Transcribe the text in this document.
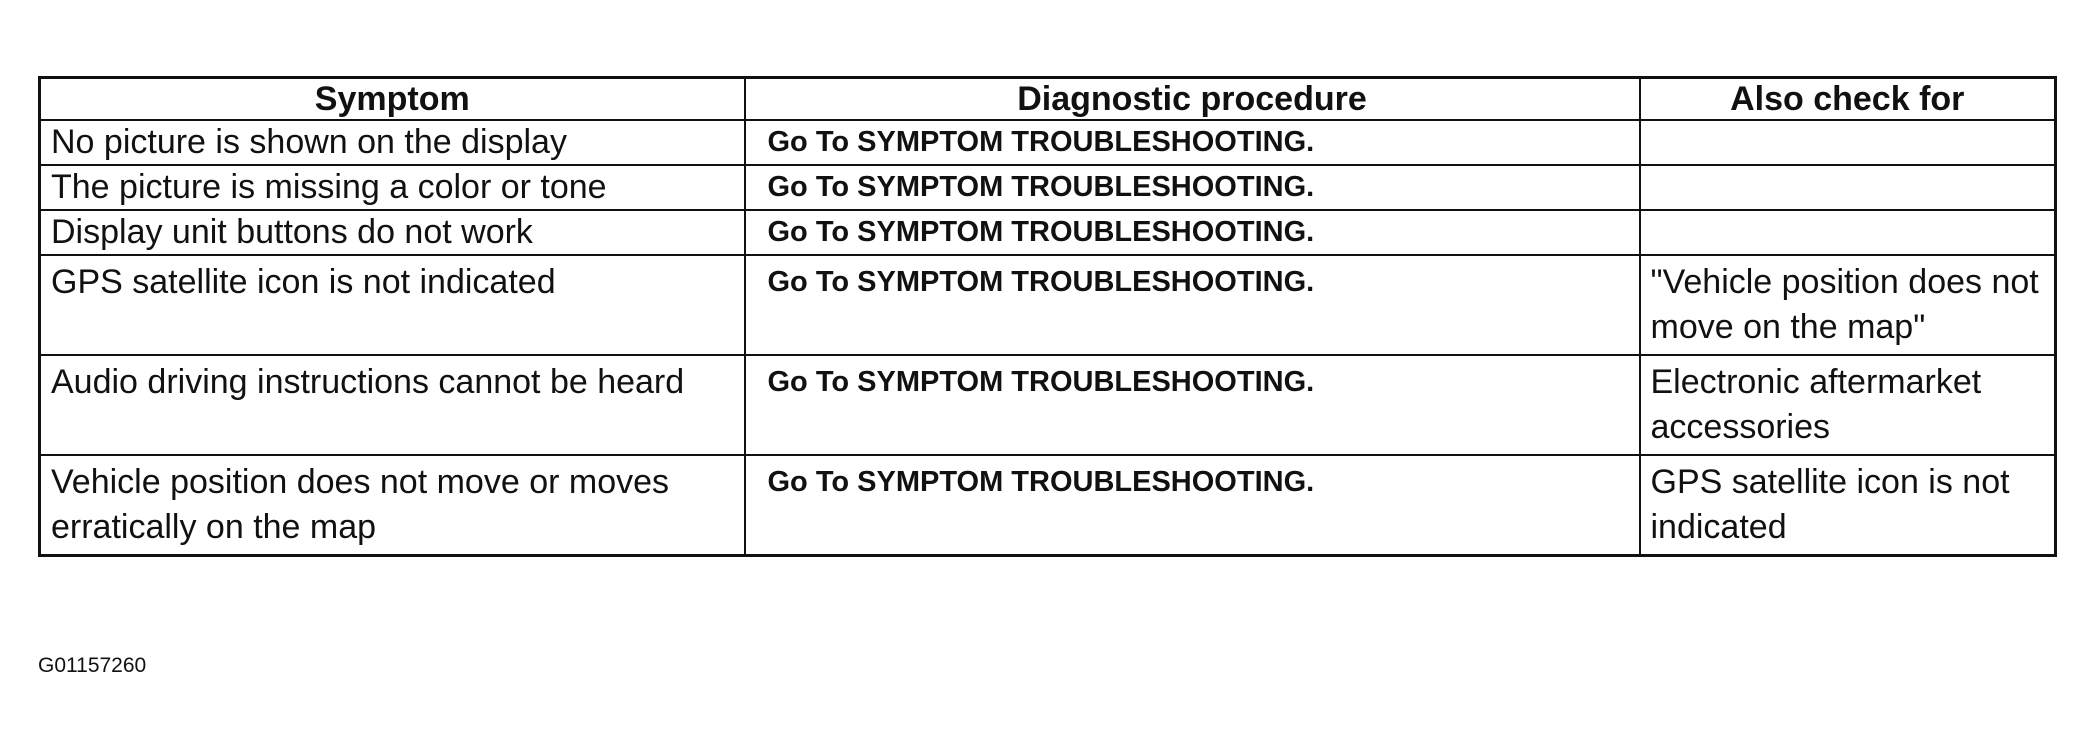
Symptom	Diagnostic procedure	Also check for
No picture is shown on the display	Go To SYMPTOM TROUBLESHOOTING.	
The picture is missing a color or tone	Go To SYMPTOM TROUBLESHOOTING.	
Display unit buttons do not work	Go To SYMPTOM TROUBLESHOOTING.	
GPS satellite icon is not indicated	Go To SYMPTOM TROUBLESHOOTING.	"Vehicle position does not move on the map"
Audio driving instructions cannot be heard	Go To SYMPTOM TROUBLESHOOTING.	Electronic aftermarket accessories
Vehicle position does not move or moves erratically on the map	Go To SYMPTOM TROUBLESHOOTING.	GPS satellite icon is not indicated
G01157260
